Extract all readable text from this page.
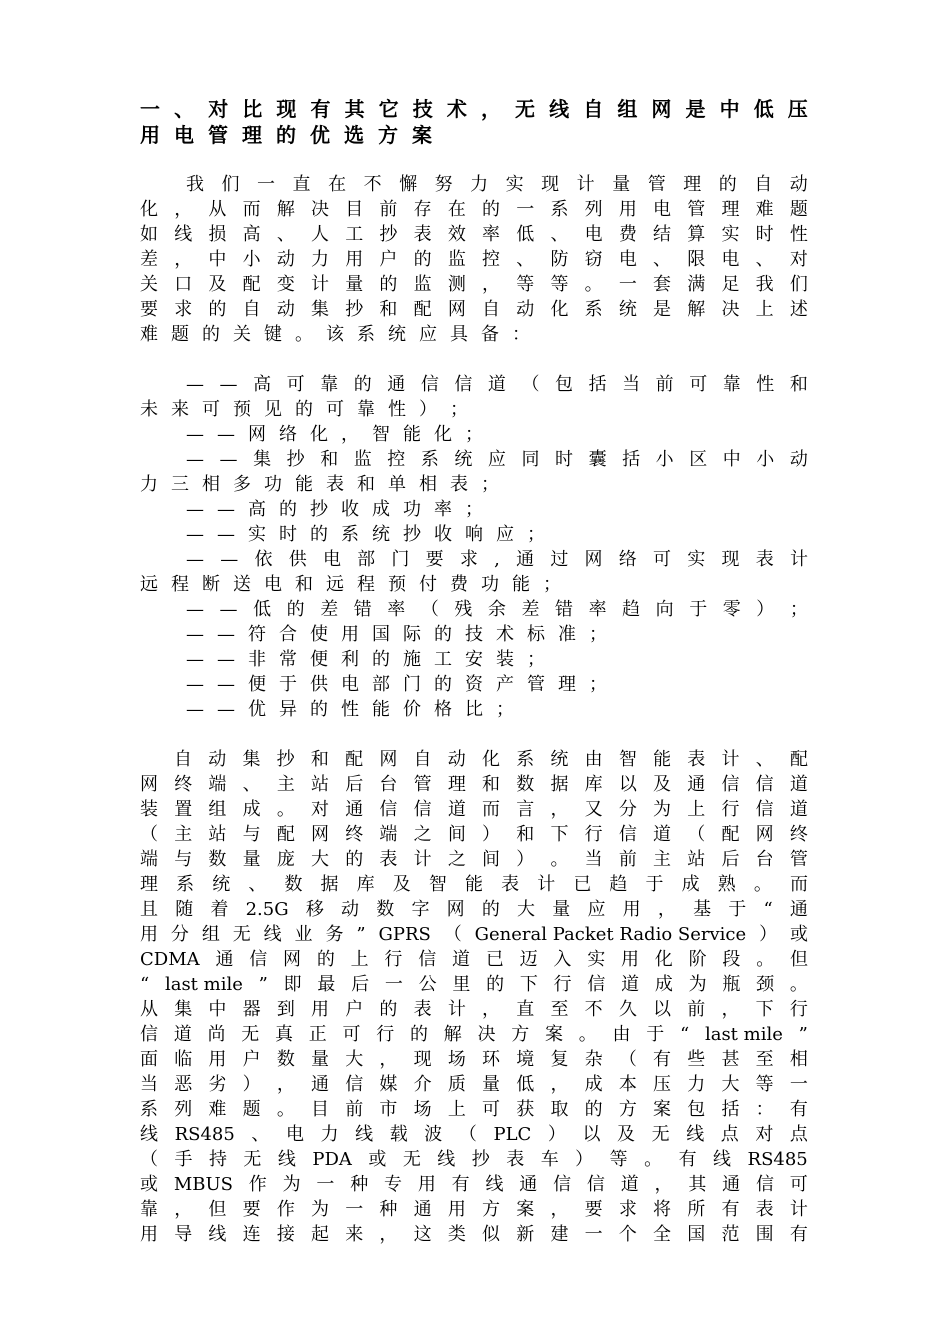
一 、 对 比 现 有 其 它 技 术 ， 无 线 自 组 网 是 中 低 压
用 电 管 理 的 优 选 方 案
我 们 一 直 在 不 懈 努 力 实 现 计 量 管 理 的 自 动
化 ， 从 而 解 决 目 前 存 在 的 一 系 列 用 电 管 理 难 题
如 线 损 高 、 人 工 抄 表 效 率 低 、 电 费 结 算 实 时 性
差 ， 中 小 动 力 用 户 的 监 控 、 防 窃 电 、 限 电 、 对
关 口 及 配 变 计 量 的 监 测 ， 等 等 。 一 套 满 足 我 们
要 求 的 自 动 集 抄 和 配 网 自 动 化 系 统 是 解 决 上 述
难 题 的 关 键 。 该 系 统 应 具 备 ：
— — 高 可 靠 的 通 信 信 道 （ 包 括 当 前 可 靠 性 和
未 来 可 预 见 的 可 靠 性 ） ；
— — 网 络 化 ， 智 能 化 ；
— — 集 抄 和 监 控 系 统 应 同 时 囊 括 小 区 中 小 动
力 三 相 多 功 能 表 和 单 相 表 ；
— — 高 的 抄 收 成 功 率 ；
— — 实 时 的 系 统 抄 收 响 应 ；
— — 依 供 电 部 门 要 求 , 通 过 网 络 可 实 现 表 计
远 程 断 送 电 和 远 程 预 付 费 功 能 ；
— — 低 的 差 错 率 （ 残 余 差 错 率 趋 向 于 零 ） ；
— — 符 合 使 用 国 际 的 技 术 标 准 ；
— — 非 常 便 利 的 施 工 安 装 ；
— — 便 于 供 电 部 门 的 资 产 管 理 ；
— — 优 异 的 性 能 价 格 比 ；
自 动 集 抄 和 配 网 自 动 化 系 统 由 智 能 表 计 、 配
网 终 端 、 主 站 后 台 管 理 和 数 据 库 以 及 通 信 信 道
装 置 组 成 。 对 通 信 信 道 而 言 ， 又 分 为 上 行 信 道
（ 主 站 与 配 网 终 端 之 间 ） 和 下 行 信 道 （ 配 网 终
端 与 数 量 庞 大 的 表 计 之 间 ） 。 当 前 主 站 后 台 管
理 系 统 、 数 据 库 及 智 能 表 计 已 趋 于 成 熟 。 而
且 随 着 2.5G 移 动 数 字 网 的 大 量 应 用 ， 基 于 “ 通
用 分 组 无 线 业 务 ” GPRS （ General Packet Radio Service ） 或
CDMA 通 信 网 的 上 行 信 道 已 迈 入 实 用 化 阶 段 。 但
“ last mile ” 即 最 后 一 公 里 的 下 行 信 道 成 为 瓶 颈 。
从 集 中 器 到 用 户 的 表 计 ， 直 至 不 久 以 前 ， 下 行
信 道 尚 无 真 正 可 行 的 解 决 方 案 。 由 于 “ last mile ”
面 临 用 户 数 量 大 ， 现 场 环 境 复 杂 （ 有 些 甚 至 相
当 恶 劣 ） ， 通 信 媒 介 质 量 低 ， 成 本 压 力 大 等 一
系 列 难 题 。 目 前 市 场 上 可 获 取 的 方 案 包 括 ： 有
线 RS485 、 电 力 线 载 波 （ PLC ） 以 及 无 线 点 对 点
（ 手 持 无 线 PDA 或 无 线 抄 表 车 ） 等 。 有 线 RS485
或 MBUS 作 为 一 种 专 用 有 线 通 信 信 道 ， 其 通 信 可
靠 ， 但 要 作 为 一 种 通 用 方 案 ， 要 求 将 所 有 表 计
用 导 线 连 接 起 来 ， 这 类 似 新 建 一 个 全 国 范 围 有
